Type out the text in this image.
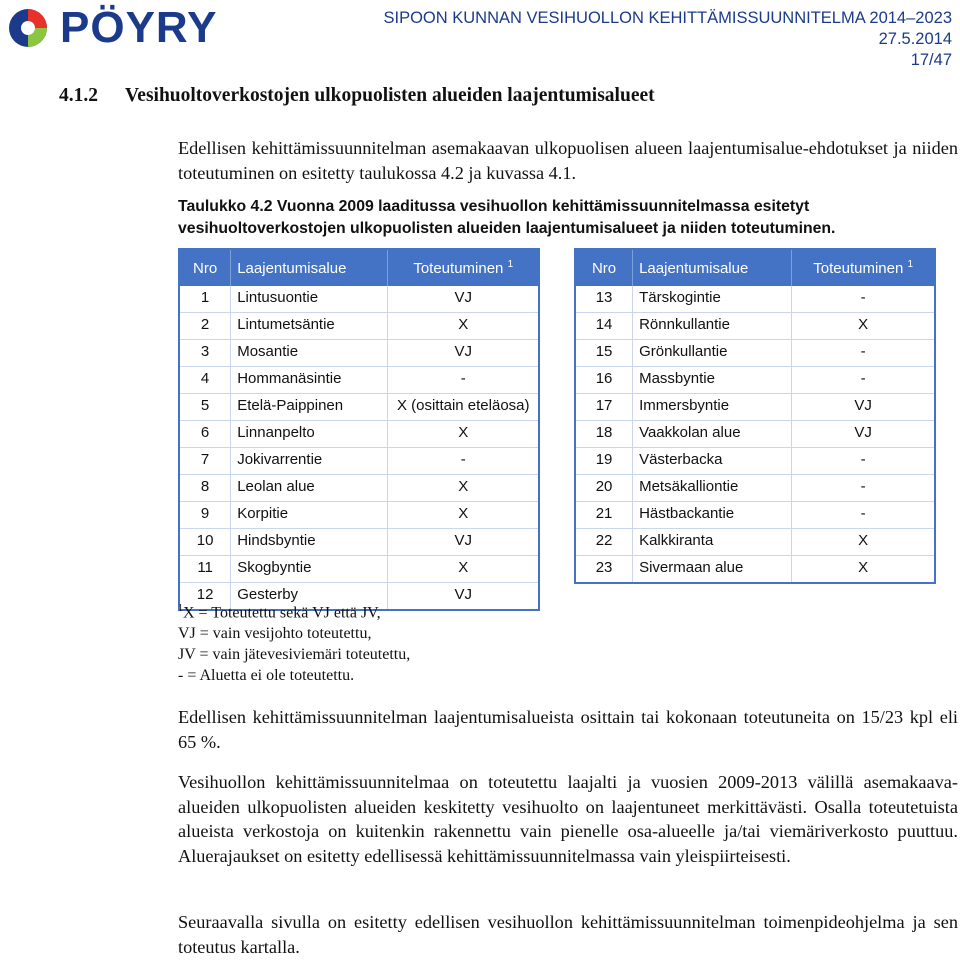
PÖYRY	SIPOON KUNNAN VESIHUOLLON KEHITTÄMISSUUNNITELMA 2014–2023
27.5.2014
17/47
4.1.2 Vesihuoltoverkostojen ulkopuolisten alueiden laajentumisalueet
Edellisen kehittämissuunnitelman asemakaavan ulkopuolisen alueen laajentumisalue-ehdotukset ja niiden toteutuminen on esitetty taulukossa 4.2 ja kuvassa 4.1.
Taulukko 4.2 Vuonna 2009 laaditussa vesihuollon kehittämissuunnitelmassa esitetyt vesihuoltoverkostojen ulkopuolisten alueiden laajentumisalueet ja niiden toteutuminen.
Nro	Laajentumisalue	Toteutuminen $^1$
1	Lintusuontie	VJ
2	Lintumetsäntie	X
3	Mosantie	VJ
4	Hommanäsintie	-
5	Etelä-Paippinen	X (osittain eteläosa)
6	Linnanpelto	X
7	Jokivarrentie	-
8	Leolan alue	X
9	Korpitie	X
10	Hindsbyntie	VJ
11	Skogbyntie	X
12	Gesterby	VJ
Nro	Laajentumisalue	Toteutuminen $^1$
13	Tärskogintie	-
14	Rönnkullantie	X
15	Grönkullantie	-
16	Massbyntie	-
17	Immersbyntie	VJ
18	Vaakkolan alue	VJ
19	Västerbacka	-
20	Metsäkalliontie	-
21	Hästbackantie	-
22	Kalkkiranta	X
23	Sivermaan alue	X
$^1$X = Toteutettu sekä VJ että JV,
VJ = vain vesijohto toteutettu,
JV = vain jätevesiviemäri toteutettu,
- = Aluetta ei ole toteutettu.
Edellisen kehittämissuunnitelman laajentumisalueista osittain tai kokonaan toteutuneita on 15/23 kpl eli 65 %.
Vesihuollon kehittämissuunnitelmaa on toteutettu laajalti ja vuosien 2009-2013 välillä asemakaava-alueiden ulkopuolisten alueiden keskitetty vesihuolto on laajentuneet merkittävästi. Osalla toteutetuista alueista verkostoja on kuitenkin rakennettu vain pienelle osa-alueelle ja/tai viemäriverkosto puuttuu. Aluerajaukset on esitetty edellisessä kehittämissuunnitelmassa vain yleispiirteisesti.
Seuraavalla sivulla on esitetty edellisen vesihuollon kehittämissuunnitelman toimenpideohjelma ja sen toteutus kartalla.
